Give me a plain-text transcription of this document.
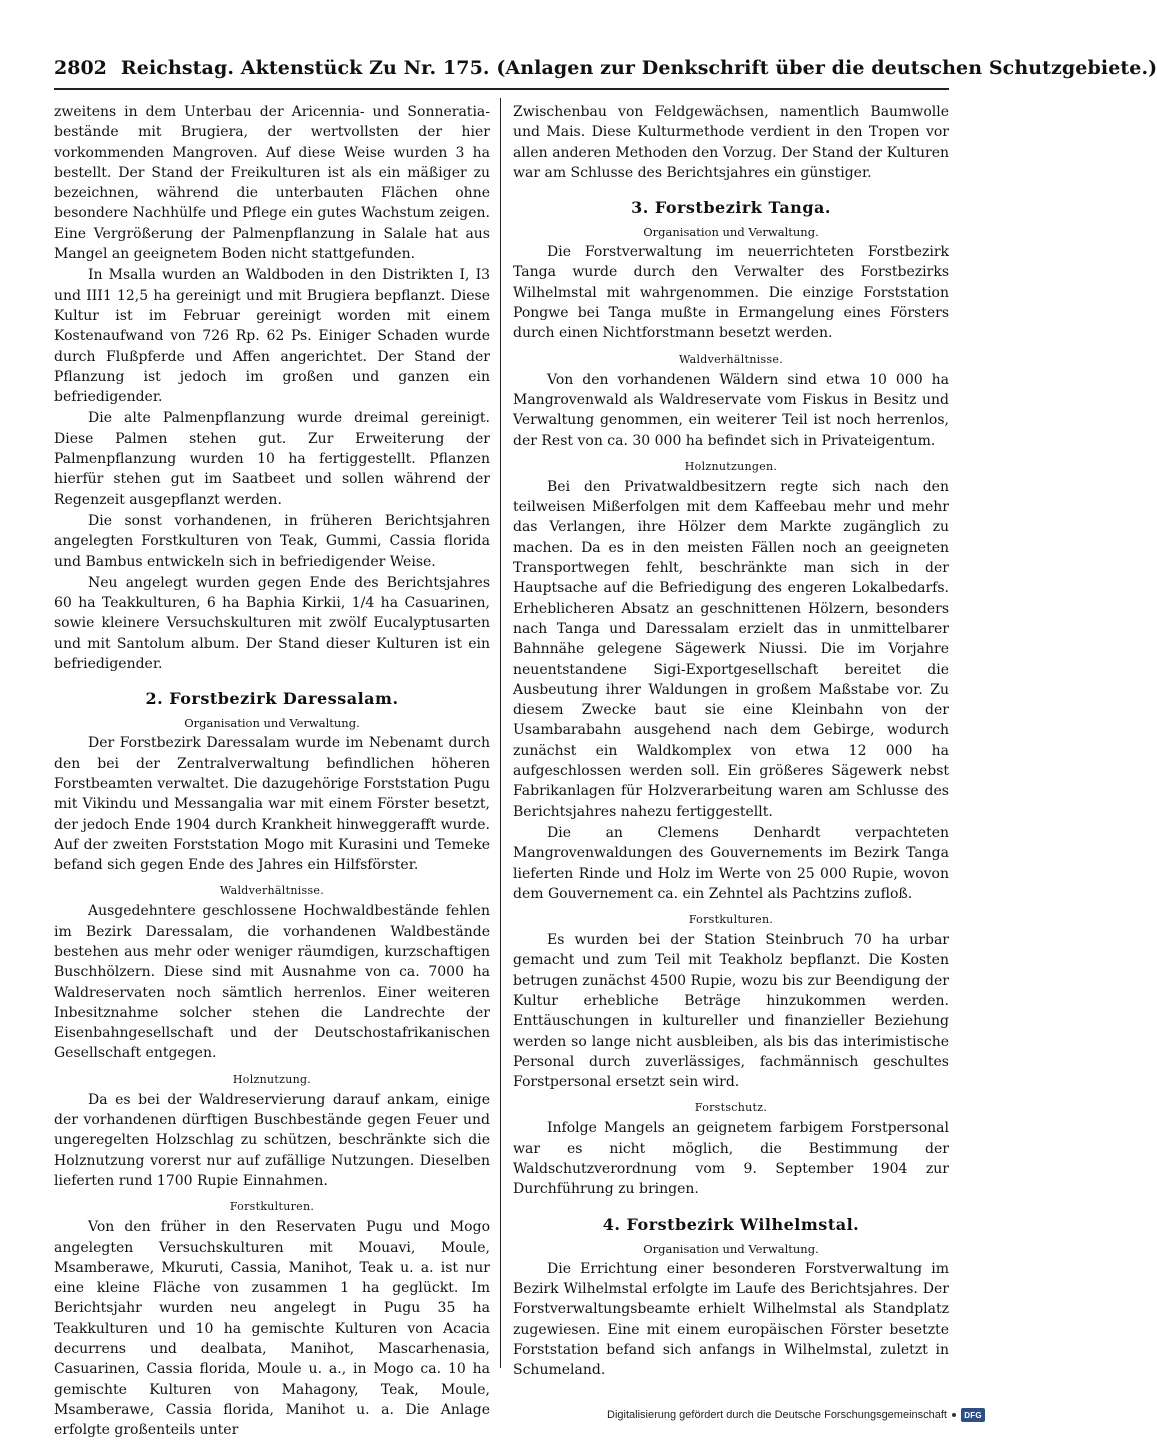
2802 Reichstag. Aktenstück Zu Nr. 175. (Anlagen zur Denkschrift über die deutschen Schutzgebiete.)

zweitens in dem Unterbau der Aricennia- und Sonneratia-bestände mit Brugiera, der wertvollsten der hier vorkommenden Mangroven. Auf diese Weise wurden 3 ha bestellt. Der Stand der Freikulturen ist als ein mäßiger zu bezeichnen, während die unterbauten Flächen ohne besondere Nachhülfe und Pflege ein gutes Wachstum zeigen. Eine Vergrößerung der Palmenpflanzung in Salale hat aus Mangel an geeignetem Boden nicht stattgefunden.

In Msalla wurden an Waldboden in den Distrikten I, I3 und III1 12,5 ha gereinigt und mit Brugiera bepflanzt. Diese Kultur ist im Februar gereinigt worden mit einem Kostenaufwand von 726 Rp. 62 Ps. Einiger Schaden wurde durch Flußpferde und Affen angerichtet. Der Stand der Pflanzung ist jedoch im großen und ganzen ein befriedigender.

Die alte Palmenpflanzung wurde dreimal gereinigt. Diese Palmen stehen gut. Zur Erweiterung der Palmenpflanzung wurden 10 ha fertiggestellt. Pflanzen hierfür stehen gut im Saatbeet und sollen während der Regenzeit ausgepflanzt werden.

Die sonst vorhandenen, in früheren Berichtsjahren angelegten Forstkulturen von Teak, Gummi, Cassia florida und Bambus entwickeln sich in befriedigender Weise.

Neu angelegt wurden gegen Ende des Berichtsjahres 60 ha Teakkulturen, 6 ha Baphia Kirkii, 1/4 ha Casuarinen, sowie kleinere Versuchskulturen mit zwölf Eucalyptusarten und mit Santolum album. Der Stand dieser Kulturen ist ein befriedigender.

2. Forstbezirk Daressalam.
Organisation und Verwaltung.

Der Forstbezirk Daressalam wurde im Nebenamt durch den bei der Zentralverwaltung befindlichen höheren Forstbeamten verwaltet. Die dazugehörige Forststation Pugu mit Vikindu und Messangalia war mit einem Förster besetzt, der jedoch Ende 1904 durch Krankheit hinweggerafft wurde. Auf der zweiten Forststation Mogo mit Kurasini und Temeke befand sich gegen Ende des Jahres ein Hilfsförster.

Waldverhältnisse.

Ausgedehntere geschlossene Hochwaldbestände fehlen im Bezirk Daressalam, die vorhandenen Waldbestände bestehen aus mehr oder weniger räumdigen, kurzschaftigen Buschhölzern. Diese sind mit Ausnahme von ca. 7000 ha Waldreservaten noch sämtlich herrenlos. Einer weiteren Inbesitznahme solcher stehen die Landrechte der Eisenbahngesellschaft und der Deutschostafrikanischen Gesellschaft entgegen.

Holznutzung.

Da es bei der Waldreservierung darauf ankam, einige der vorhandenen dürftigen Buschbestände gegen Feuer und ungeregelten Holzschlag zu schützen, beschränkte sich die Holznutzung vorerst nur auf zufällige Nutzungen. Dieselben lieferten rund 1700 Rupie Einnahmen.

Forstkulturen.

Von den früher in den Reservaten Pugu und Mogo angelegten Versuchskulturen mit Mouavi, Moule, Msamberawe, Mkuruti, Cassia, Manihot, Teak u. a. ist nur eine kleine Fläche von zusammen 1 ha geglückt. Im Berichtsjahr wurden neu angelegt in Pugu 35 ha Teakkulturen und 10 ha gemischte Kulturen von Acacia decurrens und dealbata, Manihot, Mascarhenasia, Casuarinen, Cassia florida, Moule u. a., in Mogo ca. 10 ha gemischte Kulturen von Mahagony, Teak, Moule, Msamberawe, Cassia florida, Manihot u. a. Die Anlage erfolgte großenteils unter

Zwischenbau von Feldgewächsen, namentlich Baumwolle und Mais. Diese Kulturmethode verdient in den Tropen vor allen anderen Methoden den Vorzug. Der Stand der Kulturen war am Schlusse des Berichtsjahres ein günstiger.

3. Forstbezirk Tanga.
Organisation und Verwaltung.

Die Forstverwaltung im neuerrichteten Forstbezirk Tanga wurde durch den Verwalter des Forstbezirks Wilhelmstal mit wahrgenommen. Die einzige Forststation Pongwe bei Tanga mußte in Ermangelung eines Försters durch einen Nichtforstmann besetzt werden.

Waldverhältnisse.

Von den vorhandenen Wäldern sind etwa 10 000 ha Mangrovenwald als Waldreservate vom Fiskus in Besitz und Verwaltung genommen, ein weiterer Teil ist noch herrenlos, der Rest von ca. 30 000 ha befindet sich in Privateigentum.

Holznutzungen.

Bei den Privatwaldbesitzern regte sich nach den teilweisen Mißerfolgen mit dem Kaffeebau mehr und mehr das Verlangen, ihre Hölzer dem Markte zugänglich zu machen. Da es in den meisten Fällen noch an geeigneten Transportwegen fehlt, beschränkte man sich in der Hauptsache auf die Befriedigung des engeren Lokalbedarfs. Erheblicheren Absatz an geschnittenen Hölzern, besonders nach Tanga und Daressalam erzielt das in unmittelbarer Bahnnähe gelegene Sägewerk Niussi. Die im Vorjahre neuentstandene Sigi-Exportgesellschaft bereitet die Ausbeutung ihrer Waldungen in großem Maßstabe vor. Zu diesem Zwecke baut sie eine Kleinbahn von der Usambarabahn ausgehend nach dem Gebirge, wodurch zunächst ein Waldkomplex von etwa 12 000 ha aufgeschlossen werden soll. Ein größeres Sägewerk nebst Fabrikanlagen für Holzverarbeitung waren am Schlusse des Berichtsjahres nahezu fertiggestellt.

Die an Clemens Denhardt verpachteten Mangrovenwaldungen des Gouvernements im Bezirk Tanga lieferten Rinde und Holz im Werte von 25 000 Rupie, wovon dem Gouvernement ca. ein Zehntel als Pachtzins zufloß.

Forstkulturen.

Es wurden bei der Station Steinbruch 70 ha urbar gemacht und zum Teil mit Teakholz bepflanzt. Die Kosten betrugen zunächst 4500 Rupie, wozu bis zur Beendigung der Kultur erhebliche Beträge hinzukommen werden. Enttäuschungen in kultureller und finanzieller Beziehung werden so lange nicht ausbleiben, als bis das interimistische Personal durch zuverlässiges, fachmännisch geschultes Forstpersonal ersetzt sein wird.

Forstschutz.

Infolge Mangels an geignetem farbigem Forstpersonal war es nicht möglich, die Bestimmung der Waldschutzverordnung vom 9. September 1904 zur Durchführung zu bringen.

4. Forstbezirk Wilhelmstal.
Organisation und Verwaltung.

Die Errichtung einer besonderen Forstverwaltung im Bezirk Wilhelmstal erfolgte im Laufe des Berichtsjahres. Der Forstverwaltungsbeamte erhielt Wilhelmstal als Standplatz zugewiesen. Eine mit einem europäischen Förster besetzte Forststation befand sich anfangs in Wilhelmstal, zuletzt in Schumeland.

Digitalisierung gefördert durch die Deutsche Forschungsgemeinschaft	DFG
